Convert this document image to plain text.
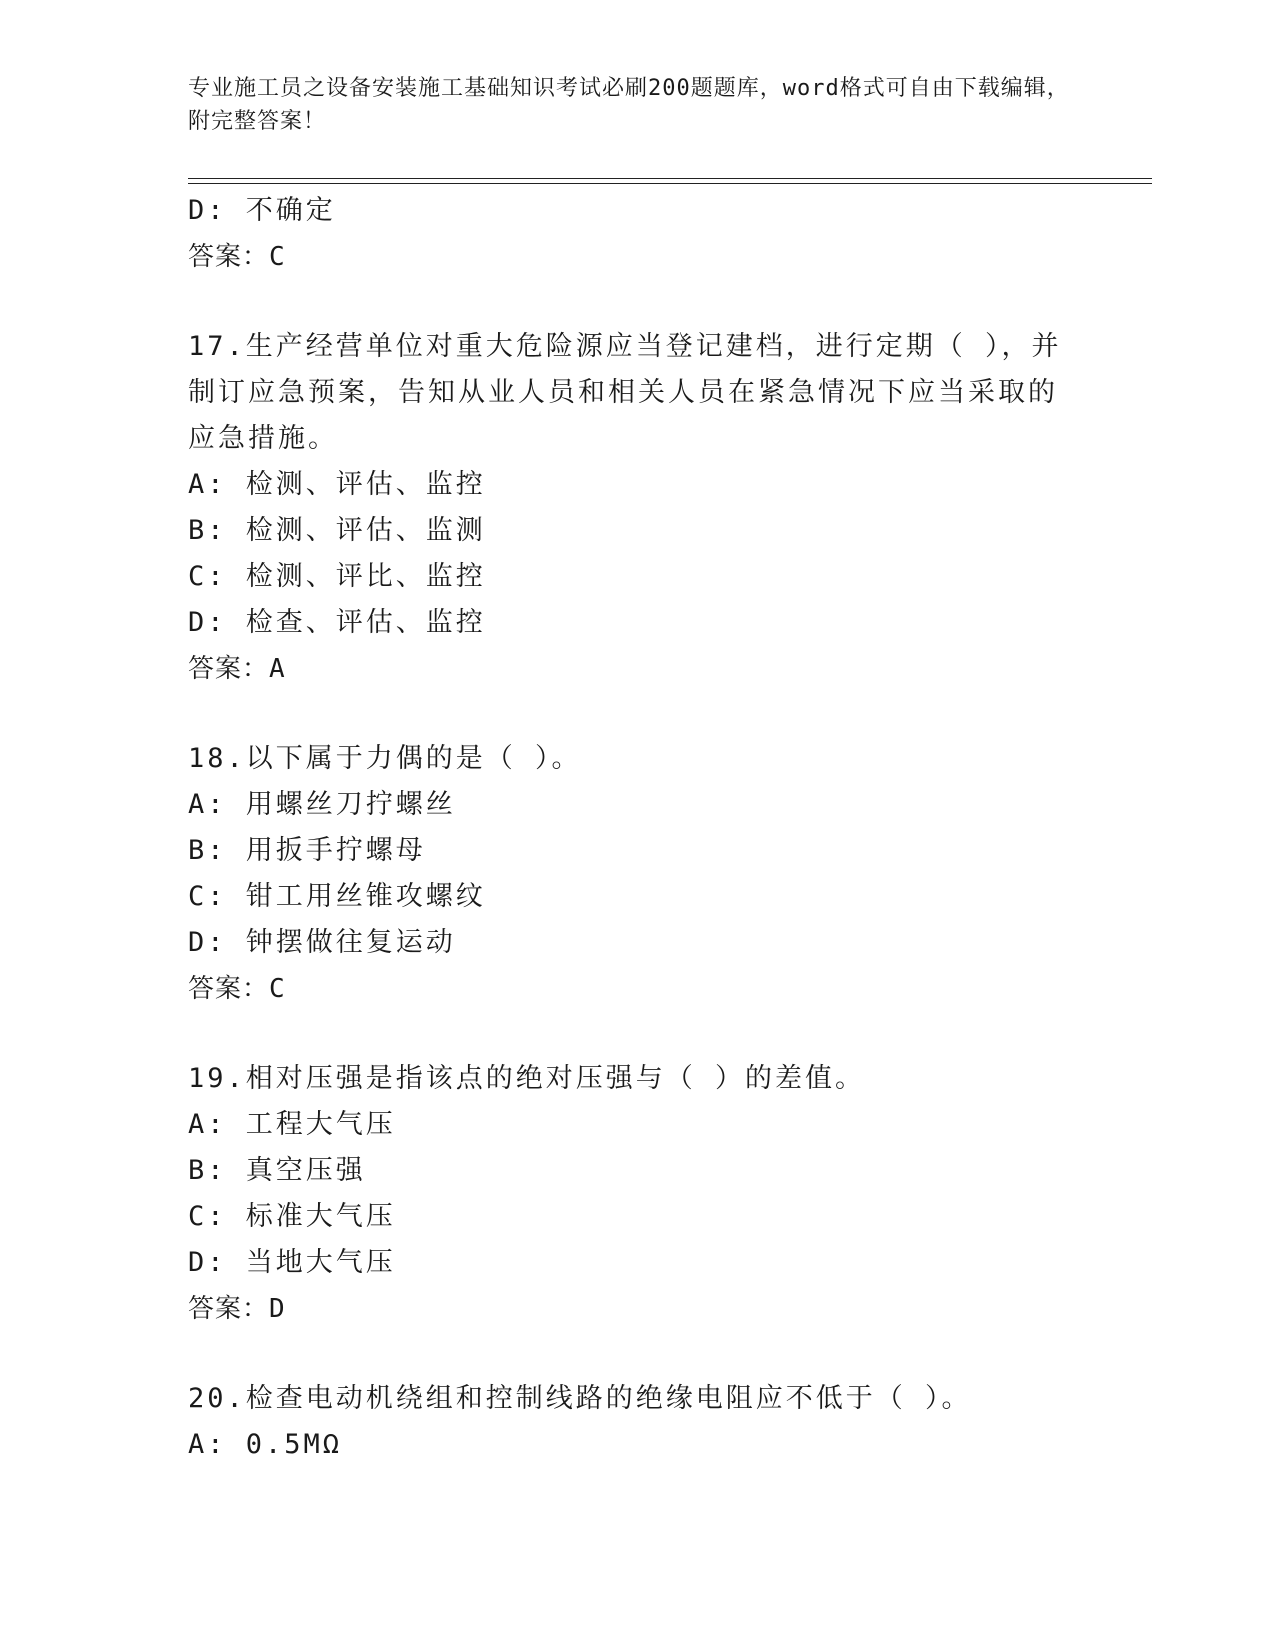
专业施工员之设备安装施工基础知识考试必刷200题题库，word格式可自由下载编辑，附完整答案！
D: 不确定
答案：C
17.生产经营单位对重大危险源应当登记建档，进行定期（ ），并制订应急预案，告知从业人员和相关人员在紧急情况下应当采取的应急措施。
A: 检测、评估、监控
B: 检测、评估、监测
C: 检测、评比、监控
D: 检查、评估、监控
答案：A
18.以下属于力偶的是（ ）。
A: 用螺丝刀拧螺丝
B: 用扳手拧螺母
C: 钳工用丝锥攻螺纹
D: 钟摆做往复运动
答案：C
19.相对压强是指该点的绝对压强与（ ）的差值。
A: 工程大气压
B: 真空压强
C: 标准大气压
D: 当地大气压
答案：D
20.检查电动机绕组和控制线路的绝缘电阻应不低于（ ）。
A: 0.5MΩ
